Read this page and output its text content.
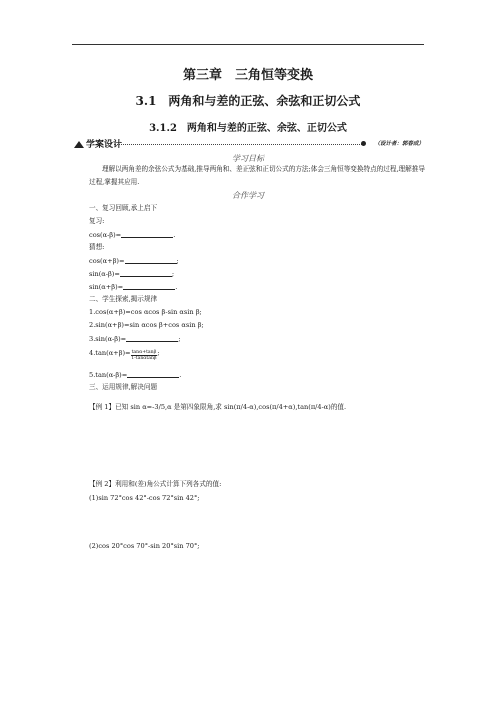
第三章　三角恒等变换
3.1　两角和与差的正弦、余弦和正切公式
3.1.2　两角和与差的正弦、余弦、正切公式
学案设计	（设计者：郭春成）
学习目标
理解以两角差的余弦公式为基础,推导两角和、差正弦和正切公式的方法;体会三角恒等变换特点的过程,理解推导过程,掌握其应用.
合作学习
一、复习回顾,承上启下
复习:
cos(α-β)=	.
猜想:
cos(α+β)=	;
sin(α-β)=	;
sin(α+β)=	.
二、学生探索,揭示规律
1.cos(α+β)=cos αcos β-sin αsin β;
2.sin(α+β)=sin αcos β+cos αsin β;
3.sin(α-β)=	;
$4.\tan(\alpha+\beta)= \frac{\tan\alpha+\tan\beta}{1-\tan\alpha\tan\beta}$ ;
5.tan(α-β)=	.
三、运用规律,解决问题
【例 1】已知 sin α=-3/5,α 是第四象限角,求 sin(π/4-α),cos(π/4+α),tan(π/4-α)的值.
【例 2】利用和(差)角公式计算下列各式的值:
(1)sin 72°cos 42°-cos 72°sin 42°;
(2)cos 20°cos 70°-sin 20°sin 70°;
